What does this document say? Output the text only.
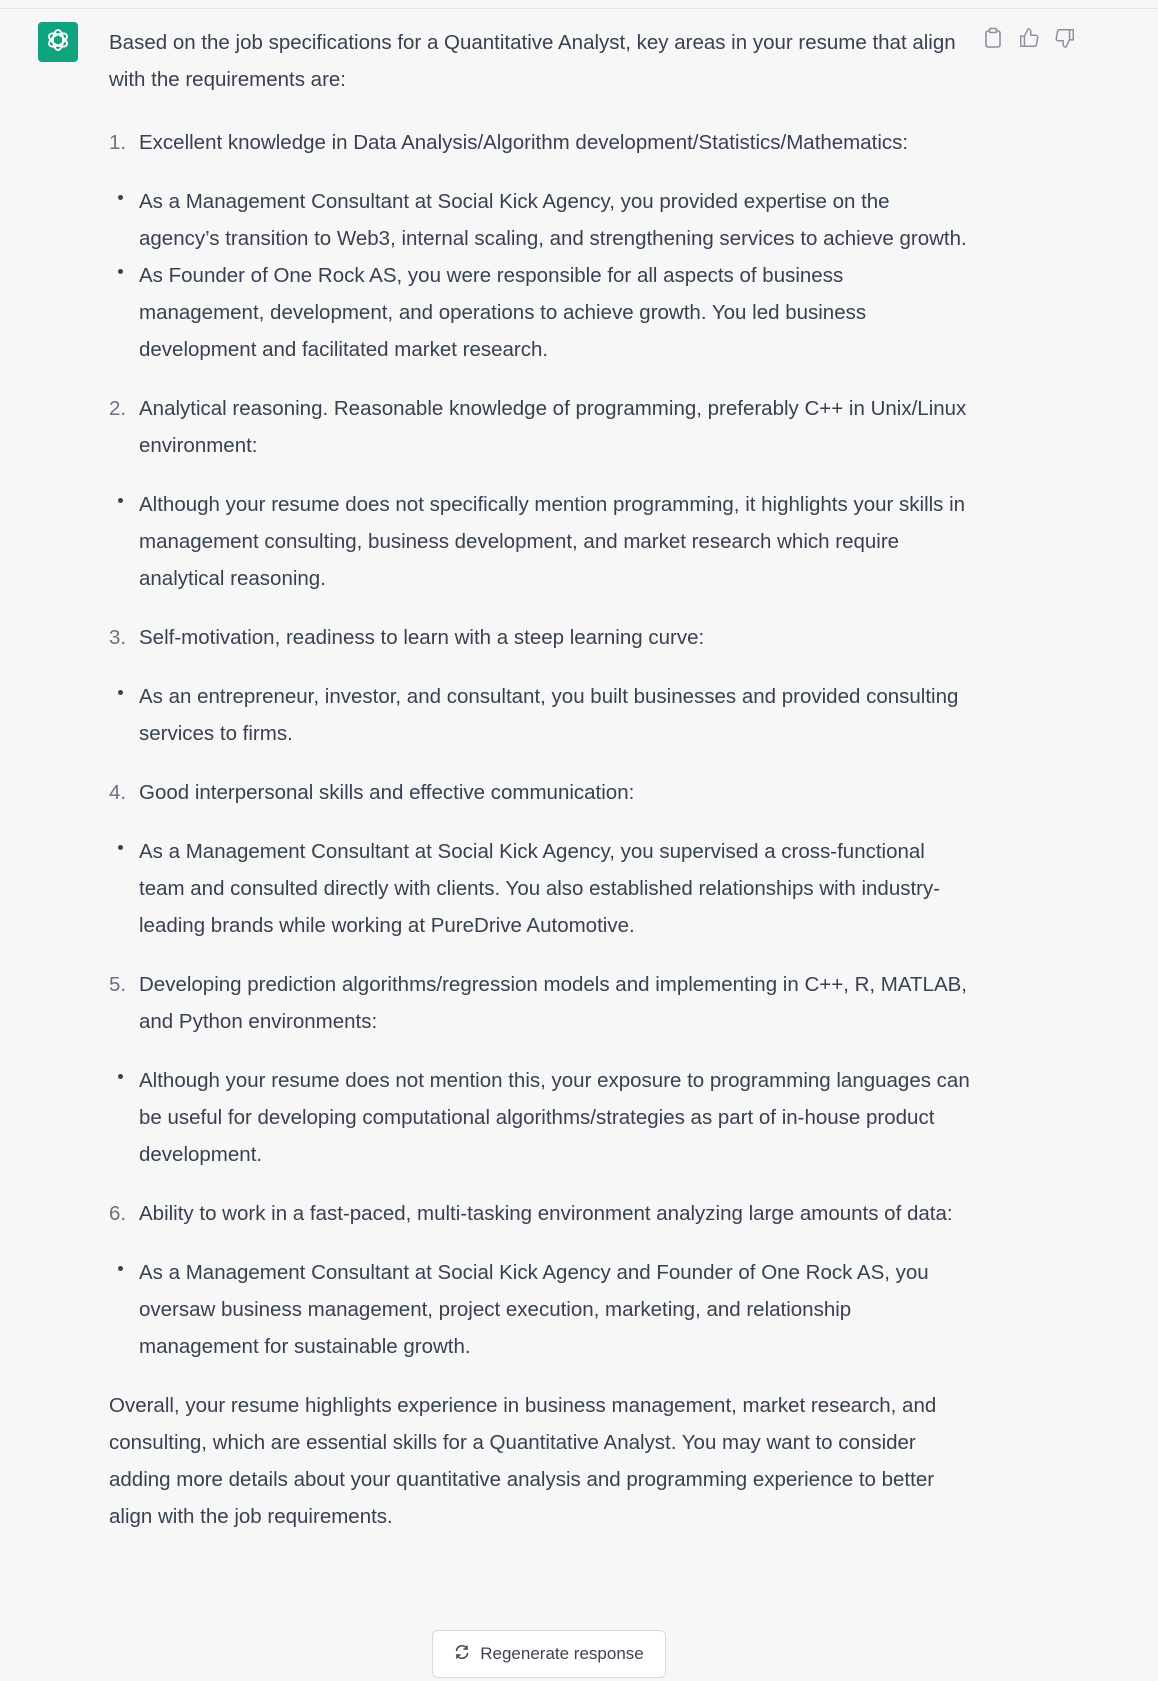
Based on the job specifications for a Quantitative Analyst, key areas in your resume that align with the requirements are:

1. Excellent knowledge in Data Analysis/Algorithm development/Statistics/Mathematics:
As a Management Consultant at Social Kick Agency, you provided expertise on the agency’s transition to Web3, internal scaling, and strengthening services to achieve growth.
As Founder of One Rock AS, you were responsible for all aspects of business management, development, and operations to achieve growth. You led business development and facilitated market research.
2. Analytical reasoning. Reasonable knowledge of programming, preferably C++ in Unix/Linux environment:
Although your resume does not specifically mention programming, it highlights your skills in management consulting, business development, and market research which require analytical reasoning.
3. Self-motivation, readiness to learn with a steep learning curve:
As an entrepreneur, investor, and consultant, you built businesses and provided consulting services to firms.
4. Good interpersonal skills and effective communication:
As a Management Consultant at Social Kick Agency, you supervised a cross-functional team and consulted directly with clients. You also established relationships with industry-leading brands while working at PureDrive Automotive.
5. Developing prediction algorithms/regression models and implementing in C++, R, MATLAB, and Python environments:
Although your resume does not mention this, your exposure to programming languages can be useful for developing computational algorithms/strategies as part of in-house product development.
6. Ability to work in a fast-paced, multi-tasking environment analyzing large amounts of data:
As a Management Consultant at Social Kick Agency and Founder of One Rock AS, you oversaw business management, project execution, marketing, and relationship management for sustainable growth.

Overall, your resume highlights experience in business management, market research, and consulting, which are essential skills for a Quantitative Analyst. You may want to consider adding more details about your quantitative analysis and programming experience to better align with the job requirements.

Regenerate response
